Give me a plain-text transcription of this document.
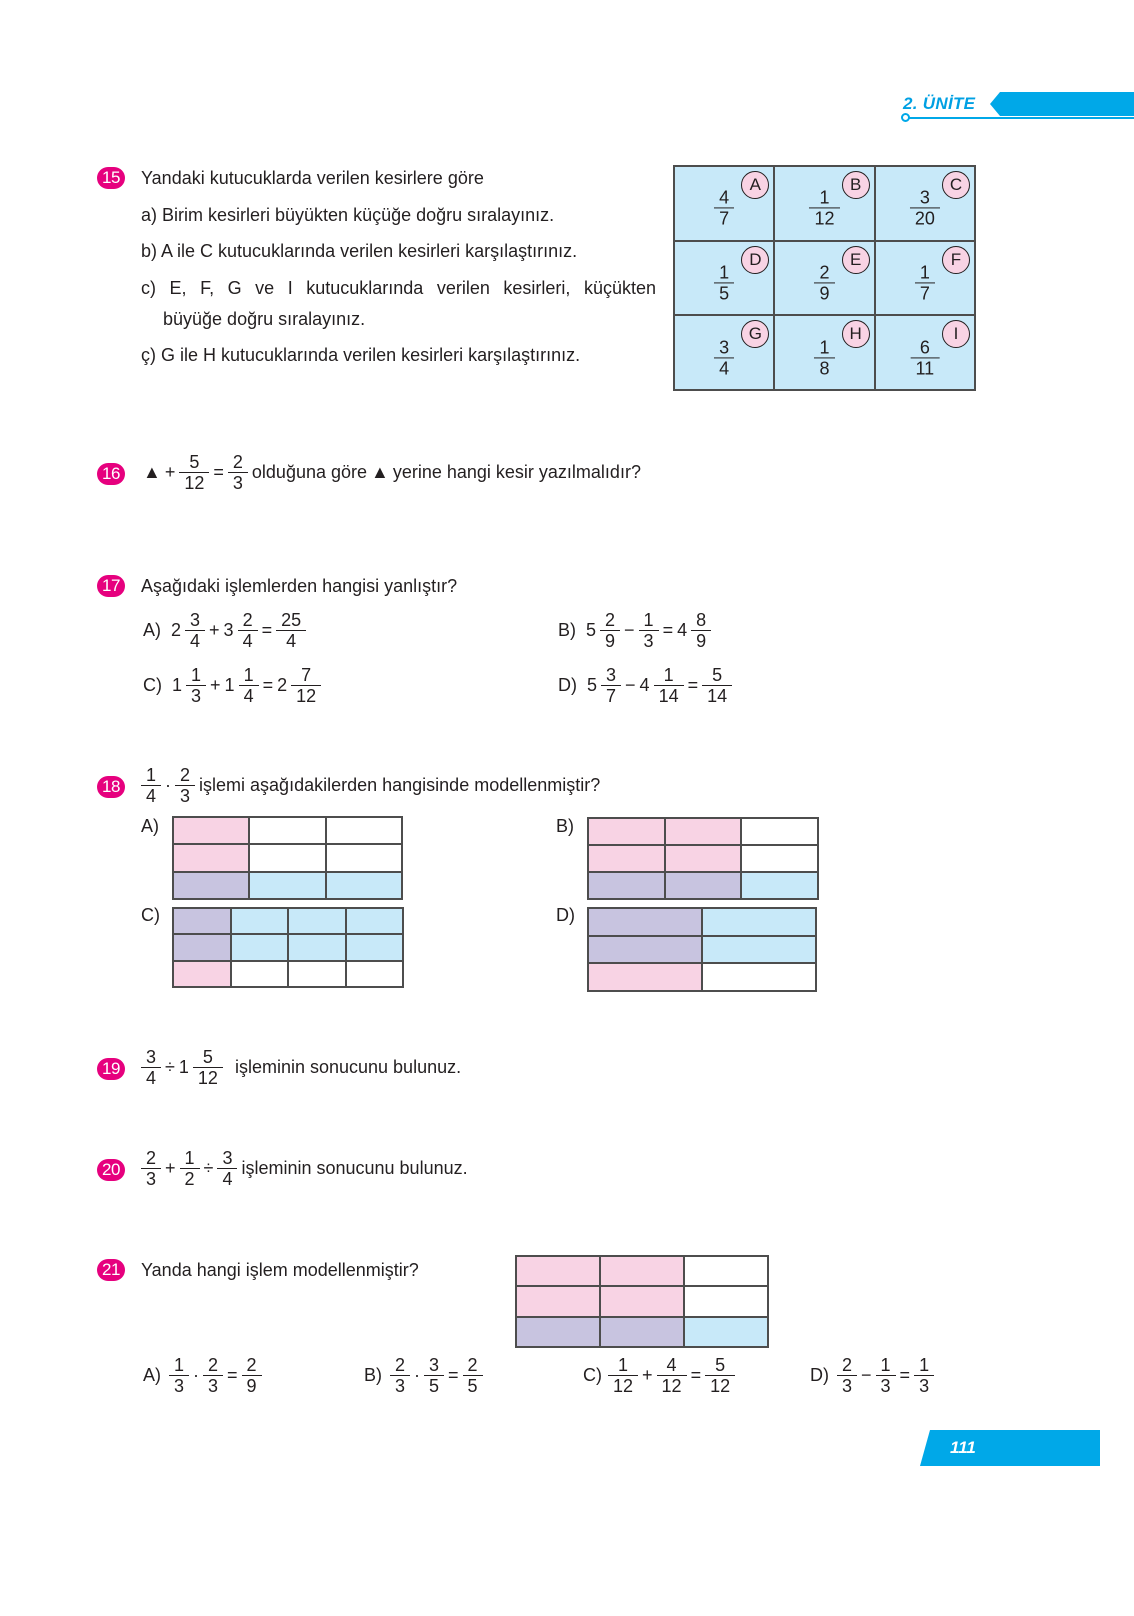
2. ÜNİTE
15 Yandaki kutucuklarda verilen kesirlere göre
a) Birim kesirleri büyükten küçüğe doğru sıralayınız.
b) A ile C kutucuklarında verilen kesirleri karşılaştırınız.
c) E, F, G ve I kutucuklarında verilen kesirleri, küçükten
büyüğe doğru sıralayınız.
ç) G ile H kutucuklarında verilen kesirleri karşılaştırınız.
A
$\frac{4}{7}$
B
$\frac{1}{12}$
C
$\frac{3}{20}$
D
$\frac{1}{5}$
E
$\frac{2}{9}$
F
$\frac{1}{7}$
G
$\frac{3}{4}$
H
$\frac{1}{8}$
I
$\frac{6}{11}$
16 ▲ + $\frac{5}{12} = \frac{2}{3}$ olduğuna göre ▲ yerine hangi kesir yazılmalıdır?
17 Aşağıdaki işlemlerden hangisi yanlıştır?
A) $2 \frac{3}{4} + 3 \frac{2}{4} = \frac{25}{4}$	B) $5 \frac{2}{9} - \frac{1}{3} = 4 \frac{8}{9}$
C) $1 \frac{1}{3} + 1 \frac{1}{4} = 2 \frac{7}{12}$	D) $5 \frac{3}{7} - 4 \frac{1}{14} = \frac{5}{14}$
$18 \frac{1}{4} \cdot \frac{2}{3}$ işlemi aşağıdakilerden hangisinde modellenmiştir?
A)	B)
C)	D)
$19 \frac{3}{4} \div 1 \frac{5}{12}$ işleminin sonucunu bulunuz.
$20 \frac{2}{3} + \frac{1}{2} \div \frac{3}{4}$ işleminin sonucunu bulunuz.
21 Yanda hangi işlem modellenmiştir?
$A) \frac{1}{3} \cdot \frac{2}{3} = \frac{2}{9}$	$B) \frac{2}{3} \cdot \frac{3}{5} = \frac{2}{5}$	$C) \frac{1}{12} + \frac{4}{12} = \frac{5}{12}$	$D) \frac{2}{3} - \frac{1}{3} = \frac{1}{3}$
111
